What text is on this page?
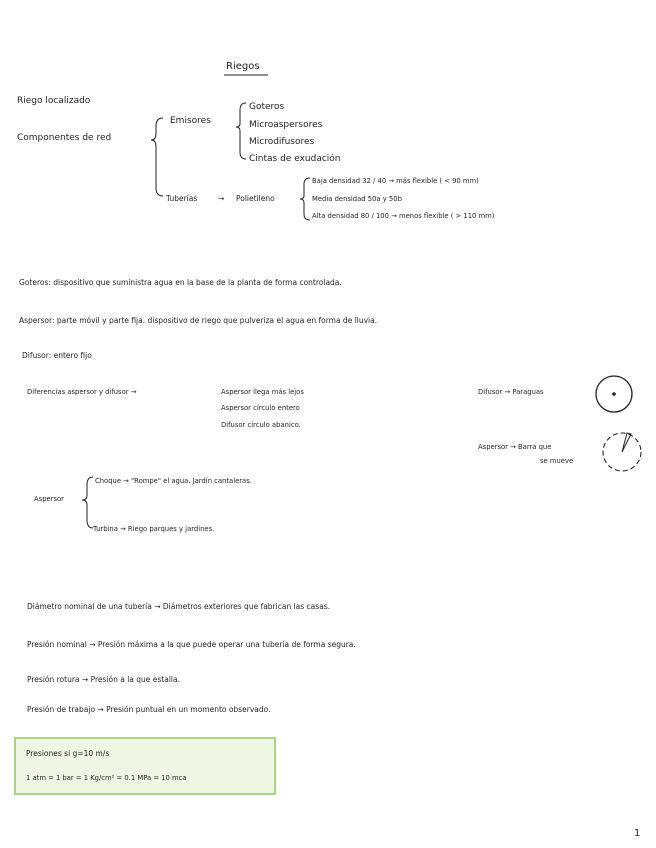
Riegos
Riego localizado
Componentes de red
Emisores
Goteros
Microaspersores
Microdifusores
Cintas de exudación
Tuberías	→ Polietileno
Baja densidad 32 / 40 → más flexible ( < 90 mm)
Media densidad 50a y 50b
Alta densidad 80 / 100 → menos flexible ( > 110 mm)
Goteros: dispositivo que suministra agua en la base de la planta de forma controlada.
Aspersor: parte móvil y parte fija. dispositivo de riego que pulveriza el agua en forma de lluvia.
Difusor: entero fijo
Diferencias aspersor y difusor →	Aspersor llega más lejos
Aspersor círculo entero
Difusor círculo abanico.
Difusor → Paraguas
Aspersor → Barra que
se mueve
Aspersor
Choque → "Rompe" el agua. Jardín cantaleras.
Turbina → Riego parques y jardines.
Diámetro nominal de una tubería → Diámetros exteriores que fabrican las casas.
Presión nominal → Presión máxima a la que puede operar una tubería de forma segura.
Presión rotura → Presión a la que estalla.
Presión de trabajo → Presión puntual en un momento observado.
Presiones si g=10 m/s
1 atm = 1 bar = 1 Kg/cm² = 0.1 MPa = 10 mca
1
